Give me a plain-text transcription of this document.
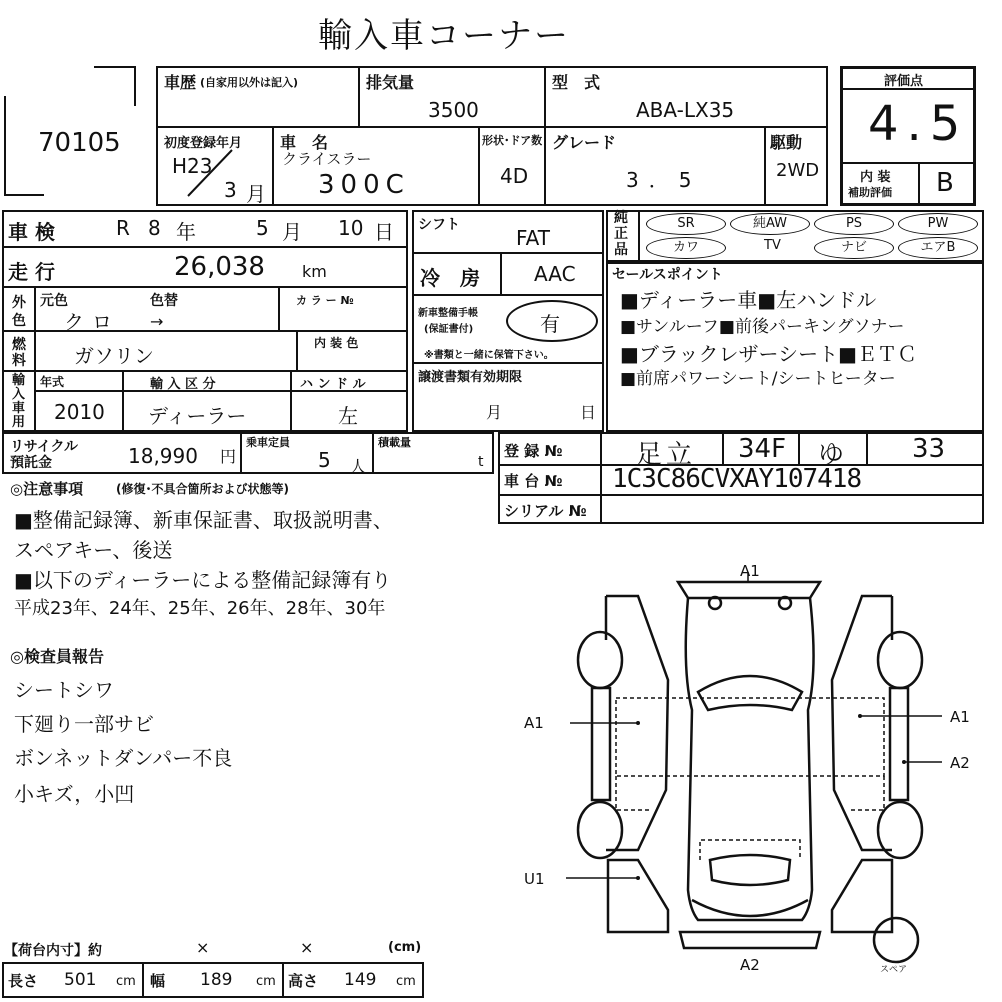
輸入車コーナー
70105
車歴 (自家用以外は記入)	排気量
3500
型　式
ABA-LX35
初度登録年月
H23
3 月
車　名
クライスラー
300C
形状･ドア数
4D
グレード
3．5
駆動
2WD
評価点
4.5
内 装
補助評価 B
車 検	R 8 年	5 月 10 日
走 行	26,038 km
外
色
元色	色替	カ ラ ー №
クロ →
燃
料 ガソリン
内 装 色
輸
入
車
用
年式	輸 入 区 分	ハ ン ド ル
2010 ディーラー	左
シフト
FAT
冷　房	AAC
新車整備手帳
(保証書付)	有
※書類と一緒に保管下さい。
譲渡書類有効期限
月	日
純
正
品
SR	純AW	PS	PW
カワ	TV	ナビ	エアB
セールスポイント
■ディーラー車■左ハンドル
■サンルーフ■前後パーキングソナー
■ブラックレザーシート■ＥＴＣ
■前席パワーシート/シートヒーター
リサイクル
預託金	18,990 円
乗車定員
5 人
積載量
t
登 録 №	足立 34F ゆ	33
車 台 № 1C3C86CVXAY107418
シリアル №
◎注意事項	(修復･不具合箇所および状態等)
■整備記録簿、新車保証書、取扱説明書、
スペアキー、後送
■以下のディーラーによる整備記録簿有り
平成23年、24年、25年、26年、28年、30年
◎検査員報告
シートシワ
下廻り一部サビ
ボンネットダンパー不良
小キズ，小凹
A1
A1	A1
A2
U1
A2	スペア
【荷台内寸】約	×	×	(cm)
長さ 501 cm 幅 189 cm 高さ 149 cm
